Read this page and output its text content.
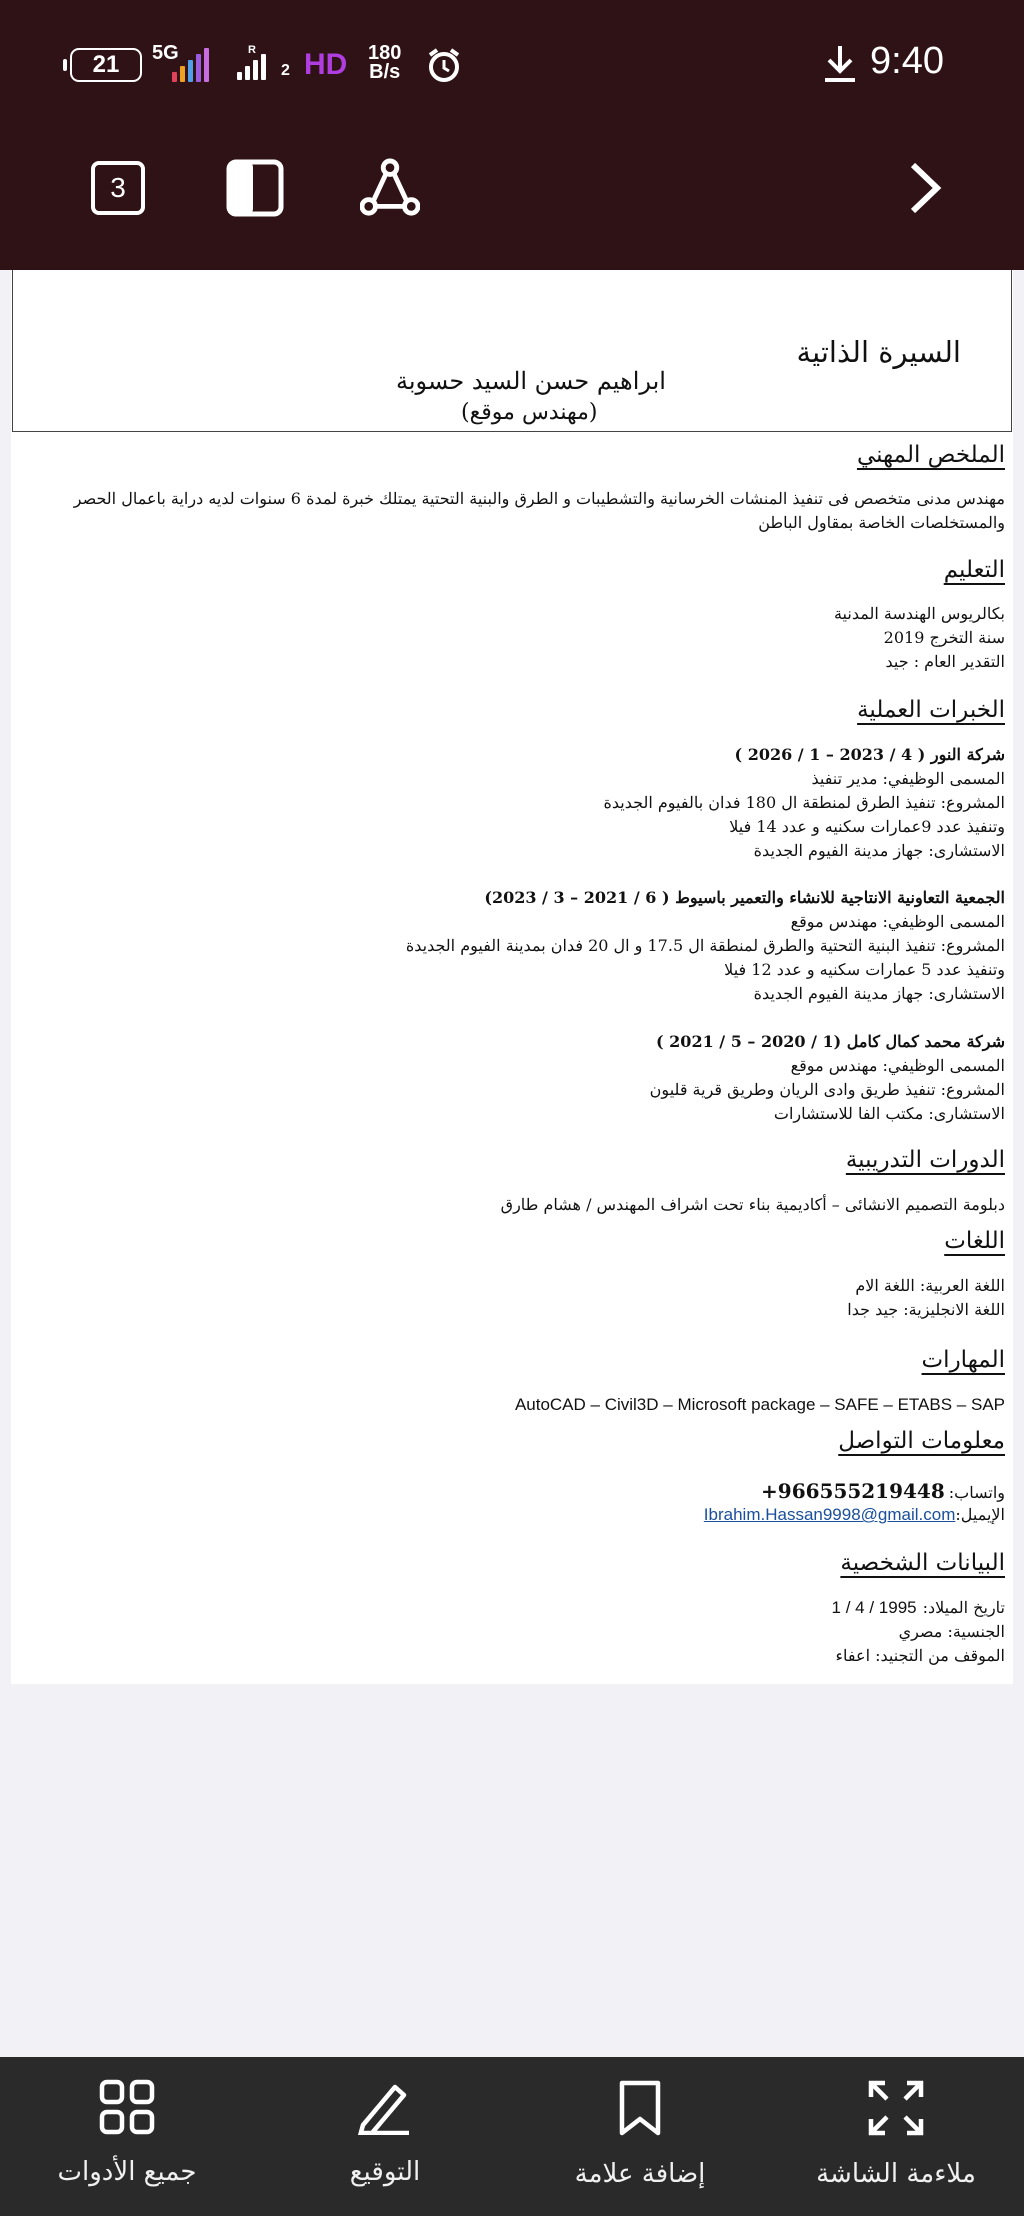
21	5G	R
2 HD 180
B/s	9:40
3
السيرة الذاتية
ابراهيم حسن السيد حسوبة
(مهندس موقع)
الملخص المهني
مهندس مدنى متخصص فى تنفيذ المنشات الخرسانية والتشطيبات و الطرق والبنية التحتية يمتلك خبرة لمدة 6 سنوات لديه دراية باعمال الحصر والمستخلصات الخاصة بمقاول الباطن
التعليم
بكالريوس الهندسة المدنية
سنة التخرج 2019
التقدير العام : جيد
الخبرات العملية
شركة النور ( 4 / 2023 – 1 / 2026 )
المسمى الوظيفي: مدير تنفيذ
المشروع: تنفيذ الطرق لمنطقة ال 180 فدان بالفيوم الجديدة
وتنفيذ عدد 9عمارات سكنيه و عدد 14 فيلا
الاستشارى: جهاز مدينة الفيوم الجديدة
الجمعية التعاونية الانتاجية للانشاء والتعمير باسيوط ( 6 / 2021 – 3 / 2023)
المسمى الوظيفي: مهندس موقع
المشروع: تنفيذ البنية التحتية والطرق لمنطقة ال 17.5 و ال 20 فدان بمدينة الفيوم الجديدة
وتنفيذ عدد 5 عمارات سكنيه و عدد 12 فيلا
الاستشارى: جهاز مدينة الفيوم الجديدة
شركة محمد كمال كامل (1 / 2020 – 5 / 2021 )
المسمى الوظيفي: مهندس موقع
المشروع: تنفيذ طريق وادى الريان وطريق قرية قليون
الاستشارى: مكتب الفا للاستشارات
الدورات التدريبية
دبلومة التصميم الانشائى – أكاديمية بناء تحت اشراف المهندس / هشام طارق
اللغات
اللغة العربية: اللغة الام
اللغة الانجليزية: جيد جدا
المهارات
AutoCAD – Civil3D – Microsoft package – SAFE – ETABS – SAP
معلومات التواصل
واتساب:
+966555219448
الإيميل:
Ibrahim.Hassan9998@gmail.com
البيانات الشخصية
تاريخ الميلاد:
1 / 4 / 1995
الجنسية: مصري
الموقف من التجنيد: اعفاء
جميع الأدوات	التوقيع	إضافة علامة	ملاءمة الشاشة
